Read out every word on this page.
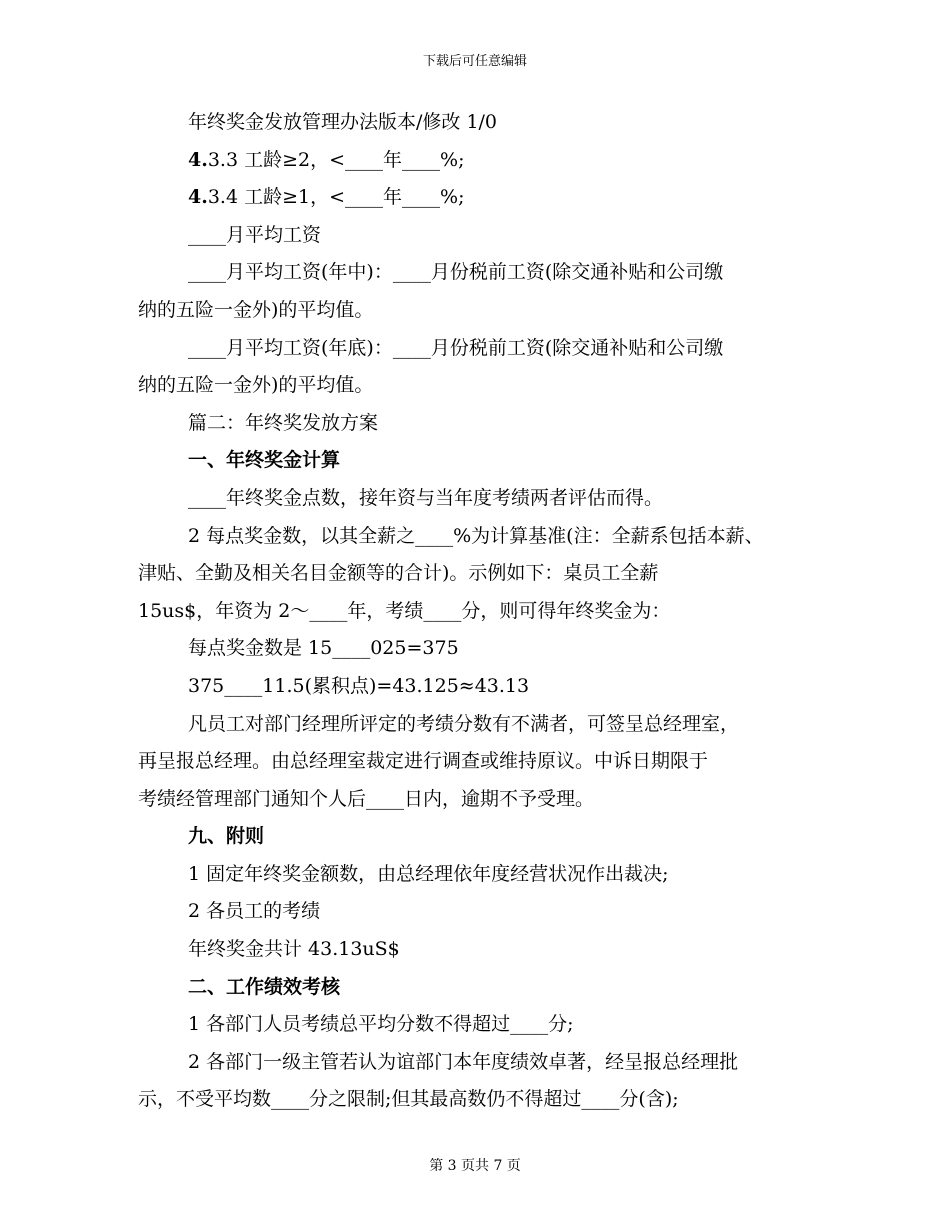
下载后可任意编辑

年终奖金发放管理办法版本/修改 1/0

4.3.3 工龄≥2，<____年____%;

4.3.4 工龄≥1，<____年____%;

____月平均工资

____月平均工资(年中)：____月份税前工资(除交通补贴和公司缴

纳的五险一金外)的平均值。

____月平均工资(年底)：____月份税前工资(除交通补贴和公司缴

纳的五险一金外)的平均值。

篇二：年终奖发放方案

一、年终奖金计算

____年终奖金点数，接年资与当年度考绩两者评估而得。

2 每点奖金数，以其全薪之____%为计算基准(注：全薪系包括本薪、

津贴、全勤及相关名目金额等的合计)。示例如下：桌员工全薪

15us$，年资为 2～____年，考绩____分，则可得年终奖金为：

每点奖金数是 15____025=375

375____11.5(累积点)=43.125≈43.13

凡员工对部门经理所评定的考绩分数有不满者，可签呈总经理室，

再呈报总经理。由总经理室裁定进行调查或维持原议。中诉日期限于

考绩经管理部门通知个人后____日内，逾期不予受理。

九、附则

1 固定年终奖金额数，由总经理依年度经营状况作出裁决;

2 各员工的考绩

年终奖金共计 43.13uS$

二、工作绩效考核

1 各部门人员考绩总平均分数不得超过____分;

2 各部门一级主管若认为谊部门本年度绩效卓著，经呈报总经理批

示，不受平均数____分之限制;但其最高数仍不得超过____分(含);

第 3 页共 7 页
